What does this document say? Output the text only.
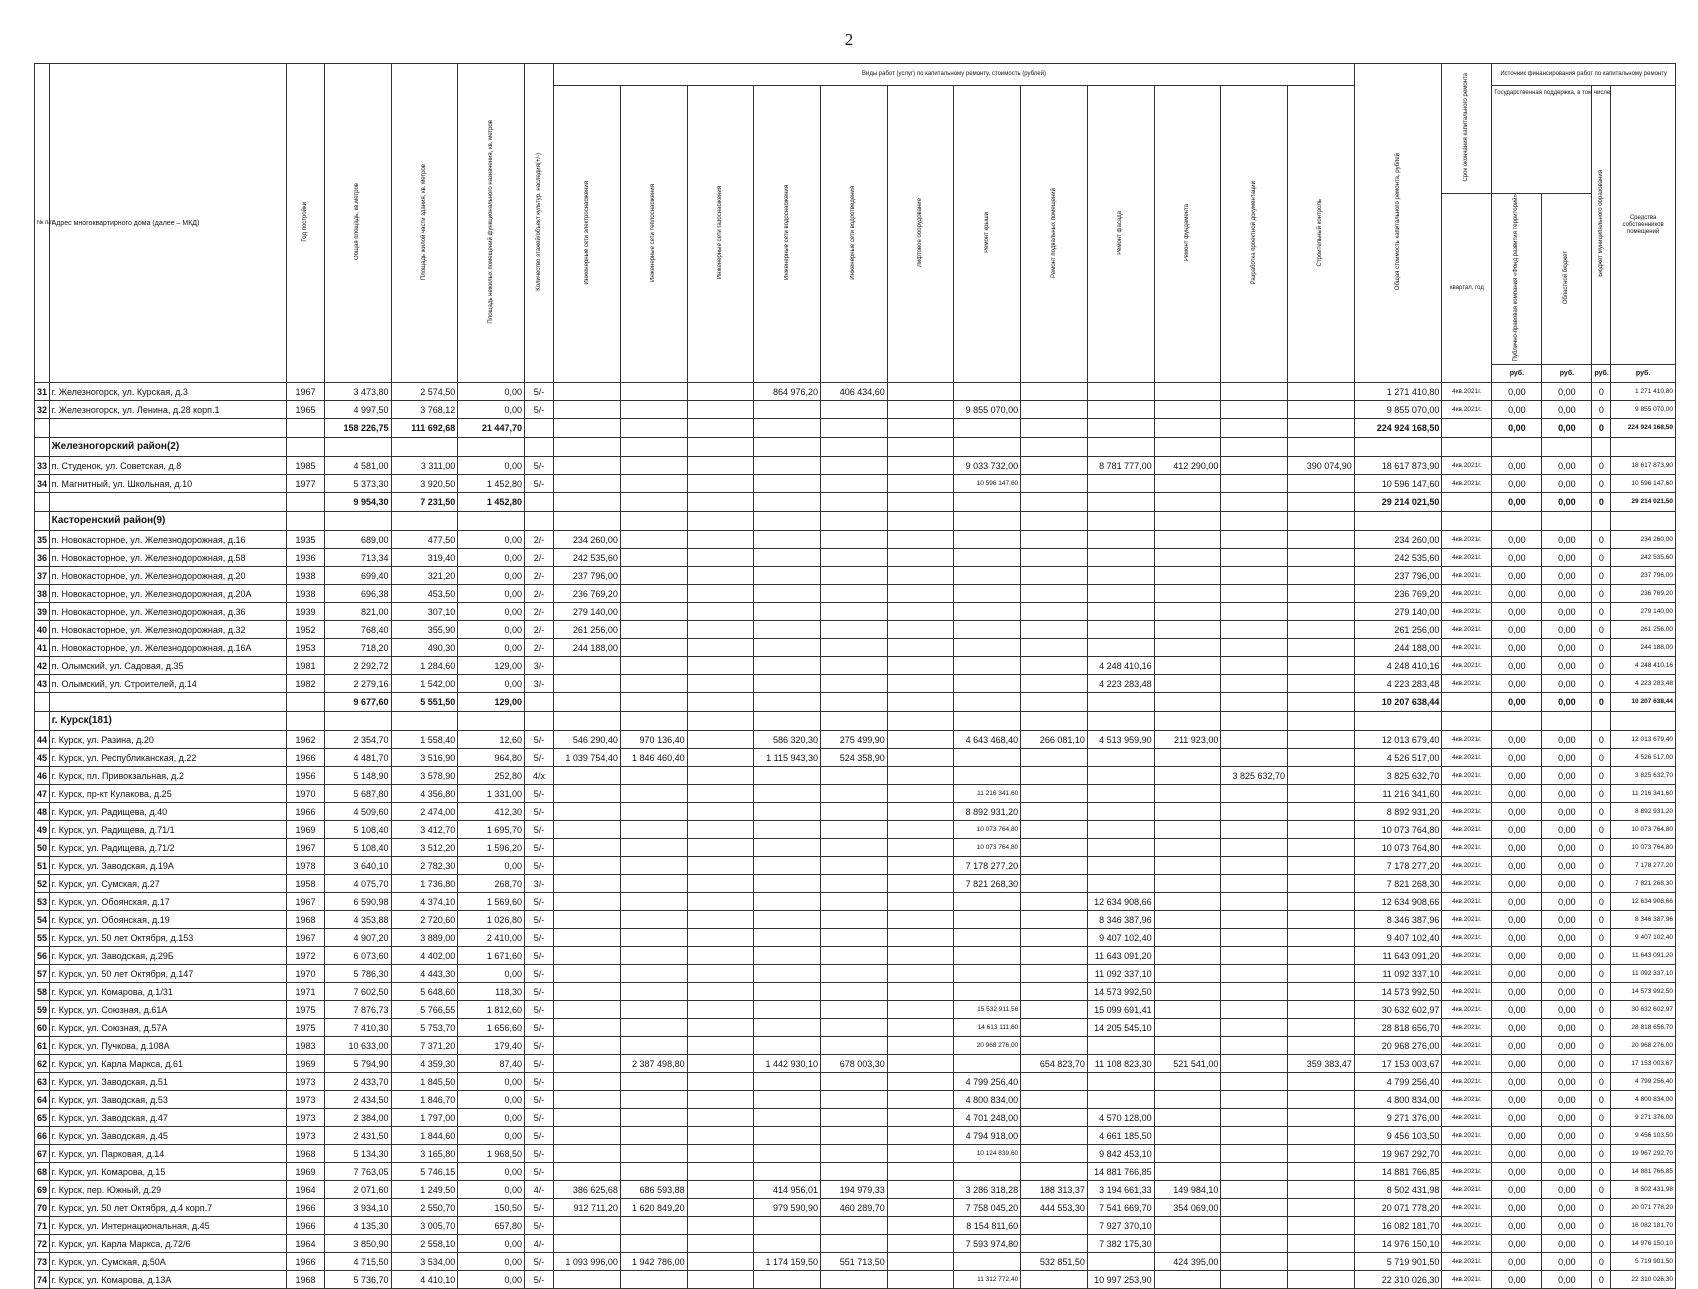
2
№ п/п	Адрес многоквартирного дома (далее – МКД)	Год постройки	Общая площадь, кв.метров	Площадь жилой части здания, кв. метров	Площадь нежилых помещений функционального назначения, кв. метров	Количество этажей/объект культур. наследия(+/-)	Виды работ (услуг) по капитальному ремонту, стоимость (рублей)												Общая стоимость капитального ремонта, рублей	Срок окончания капитального ремонта	Источник финансирования работ по капитальному ремонту			
							Инженерные сети электроснабжения	Инженерные сети теплоснабжения	Инженерные сети газоснабжения	Инженерные сети водоснабжения	Инженерные сети водоотведения	Лифтовое оборудование	Ремонт крыши	Ремонт подвальных помещений	Ремонт фасада	Ремонт фундамента	Разработка проектной документации	Строительный контроль			Государственная поддержка, в том числе		Бюджет муниципального образования	Средства собственников помещений
																				квартал, год	Публично-правовая компания «Фонд развития территорий»	Областной бюджет		
																					руб.	руб.	руб.	руб.
31	г. Железногорск, ул. Курская, д.3	1967	3 473,80	2 574,50	0,00	5/-				864 976,20	406 434,60								1 271 410,80	4кв.2021г.	0,00	0,00	0	1 271 410,80
32	г. Железногорск, ул. Ленина, д.28 корп.1	1965	4 997,50	3 768,12	0,00	5/-							9 855 070,00						9 855 070,00	4кв.2021г.	0,00	0,00	0	9 855 070,00
			158 226,75	111 692,68	21 447,70														224 924 168,50		0,00	0,00	0	224 924 168,50
	Железногорский район(2)																							
33	п. Студенок, ул. Советская, д.8	1985	4 581,00	3 311,00	0,00	5/-							9 033 732,00		8 781 777,00	412 290,00		390 074,90	18 617 873,90	4кв.2021г.	0,00	0,00	0	18 617 873,90
34	п. Магнитный, ул. Школьная, д.10	1977	5 373,30	3 920,50	1 452,80	5/-							10 596 147,60						10 596 147,60	4кв.2021г.	0,00	0,00	0	10 596 147,60
			9 954,30	7 231,50	1 452,80														29 214 021,50		0,00	0,00	0	29 214 021,50
	Касторенский район(9)																							
35	п. Новокасторное, ул. Железнодорожная, д.16	1935	689,00	477,50	0,00	2/-	234 260,00												234 260,00	4кв.2021г.	0,00	0,00	0	234 260,00
36	п. Новокасторное, ул. Железнодорожная, д.58	1936	713,34	319,40	0,00	2/-	242 535,60												242 535,60	4кв.2021г.	0,00	0,00	0	242 535,60
37	п. Новокасторное, ул. Железнодорожная, д.20	1938	699,40	321,20	0,00	2/-	237 796,00												237 796,00	4кв.2021г.	0,00	0,00	0	237 796,00
38	п. Новокасторное, ул. Железнодорожная, д.20А	1938	696,38	453,50	0,00	2/-	236 769,20												236 769,20	4кв.2021г.	0,00	0,00	0	236 769,20
39	п. Новокасторное, ул. Железнодорожная, д.36	1939	821,00	307,10	0,00	2/-	279 140,00												279 140,00	4кв.2021г.	0,00	0,00	0	279 140,00
40	п. Новокасторное, ул. Железнодорожная, д.32	1952	768,40	355,90	0,00	2/-	261 256,00												261 256,00	4кв.2021г.	0,00	0,00	0	261 256,00
41	п. Новокасторное, ул. Железнодорожная, д.16А	1953	718,20	490,30	0,00	2/-	244 188,00												244 188,00	4кв.2021г.	0,00	0,00	0	244 188,00
42	п. Олымский, ул. Садовая, д.35	1981	2 292,72	1 284,60	129,00	3/-									4 248 410,16				4 248 410,16	4кв.2021г.	0,00	0,00	0	4 248 410,16
43	п. Олымский, ул. Строителей, д.14	1982	2 279,16	1 542,00	0,00	3/-									4 223 283,48				4 223 283,48	4кв.2021г.	0,00	0,00	0	4 223 283,48
			9 677,60	5 551,50	129,00														10 207 638,44		0,00	0,00	0	10 207 638,44
	г. Курск(181)																							
44	г. Курск, ул. Разина, д.20	1962	2 354,70	1 558,40	12,60	5/-	546 290,40	970 136,40		586 320,30	275 499,90		4 643 468,40	266 081,10	4 513 959,90	211 923,00			12 013 679,40	4кв.2021г.	0,00	0,00	0	12 013 679,40
45	г. Курск, ул. Республиканская, д.22	1966	4 481,70	3 516,90	964,80	5/-	1 039 754,40	1 846 460,40		1 115 943,30	524 358,90								4 526 517,00	4кв.2021г.	0,00	0,00	0	4 526 517,00
46	г. Курск, пл. Привокзальная, д.2	1956	5 148,90	3 578,90	252,80	4/x											3 825 632,70		3 825 632,70	4кв.2021г.	0,00	0,00	0	3 825 632,70
47	г. Курск, пр-кт Кулакова, д.25	1970	5 687,80	4 356,80	1 331,00	5/-							11 216 341,60						11 216 341,60	4кв.2021г.	0,00	0,00	0	11 216 341,60
48	г. Курск, ул. Радищева, д.40	1966	4 509,60	2 474,00	412,30	5/-							8 892 931,20						8 892 931,20	4кв.2021г.	0,00	0,00	0	8 892 931,20
49	г. Курск, ул. Радищева, д.71/1	1969	5 108,40	3 412,70	1 695,70	5/-							10 073 764,80						10 073 764,80	4кв.2021г.	0,00	0,00	0	10 073 764,80
50	г. Курск, ул. Радищева, д.71/2	1967	5 108,40	3 512,20	1 596,20	5/-							10 073 764,80						10 073 764,80	4кв.2021г.	0,00	0,00	0	10 073 764,80
51	г. Курск, ул. Заводская, д.19А	1978	3 640,10	2 782,30	0,00	5/-							7 178 277,20						7 178 277,20	4кв.2021г.	0,00	0,00	0	7 178 277,20
52	г. Курск, ул. Сумская, д.27	1958	4 075,70	1 736,80	268,70	3/-							7 821 268,30						7 821 268,30	4кв.2021г.	0,00	0,00	0	7 821 268,30
53	г. Курск, ул. Обоянская, д.17	1967	6 590,98	4 374,10	1 569,60	5/-									12 634 908,66				12 634 908,66	4кв.2021г.	0,00	0,00	0	12 634 908,66
54	г. Курск, ул. Обоянская, д.19	1968	4 353,88	2 720,60	1 026,80	5/-									8 346 387,96				8 346 387,96	4кв.2021г.	0,00	0,00	0	8 346 387,96
55	г. Курск, ул. 50 лет Октября, д.153	1967	4 907,20	3 889,00	2 410,00	5/-									9 407 102,40				9 407 102,40	4кв.2021г.	0,00	0,00	0	9 407 102,40
56	г. Курск, ул. Заводская, д.29Б	1972	6 073,60	4 402,00	1 671,60	5/-									11 643 091,20				11 643 091,20	4кв.2021г.	0,00	0,00	0	11 643 091,20
57	г. Курск, ул. 50 лет Октября, д.147	1970	5 786,30	4 443,30	0,00	5/-									11 092 337,10				11 092 337,10	4кв.2021г.	0,00	0,00	0	11 092 337,10
58	г. Курск, ул. Комарова, д.1/31	1971	7 602,50	5 648,60	118,30	5/-									14 573 992,50				14 573 992,50	4кв.2021г.	0,00	0,00	0	14 573 992,50
59	г. Курск, ул. Союзная, д.61А	1975	7 876,73	5 766,55	1 812,60	5/-							15 532 911,56		15 099 691,41				30 632 602,97	4кв.2021г.	0,00	0,00	0	30 632 602,97
60	г. Курск, ул. Союзная, д.57А	1975	7 410,30	5 753,70	1 656,60	5/-							14 613 111,60		14 205 545,10				28 818 656,70	4кв.2021г.	0,00	0,00	0	28 818 656,70
61	г. Курск, ул. Пучкова, д.108А	1983	10 633,00	7 371,20	179,40	5/-							20 968 276,00						20 968 276,00	4кв.2021г.	0,00	0,00	0	20 968 276,00
62	г. Курск, ул. Карла Маркса, д.61	1969	5 794,90	4 359,30	87,40	5/-		2 387 498,80		1 442 930,10	678 003,30			654 823,70	11 108 823,30	521 541,00		359 383,47	17 153 003,67	4кв.2021г.	0,00	0,00	0	17 153 003,67
63	г. Курск, ул. Заводская, д.51	1973	2 433,70	1 845,50	0,00	5/-							4 799 256,40						4 799 256,40	4кв.2021г.	0,00	0,00	0	4 799 256,40
64	г. Курск, ул. Заводская, д.53	1973	2 434,50	1 846,70	0,00	5/-							4 800 834,00						4 800 834,00	4кв.2021г.	0,00	0,00	0	4 800 834,00
65	г. Курск, ул. Заводская, д.47	1973	2 384,00	1 797,00	0,00	5/-							4 701 248,00		4 570 128,00				9 271 376,00	4кв.2021г.	0,00	0,00	0	9 271 376,00
66	г. Курск, ул. Заводская, д.45	1973	2 431,50	1 844,60	0,00	5/-							4 794 918,00		4 661 185,50				9 456 103,50	4кв.2021г.	0,00	0,00	0	9 456 103,50
67	г. Курск, ул. Парковая, д.14	1968	5 134,30	3 165,80	1 968,50	5/-							10 124 839,60		9 842 453,10				19 967 292,70	4кв.2021г.	0,00	0,00	0	19 967 292,70
68	г. Курск, ул. Комарова, д.15	1969	7 763,05	5 746,15	0,00	5/-									14 881 766,85				14 881 766,85	4кв.2021г.	0,00	0,00	0	14 881 766,85
69	г. Курск, пер. Южный, д.29	1964	2 071,60	1 249,50	0,00	4/-	386 625,68	686 593,88		414 956,01	194 979,33		3 286 318,28	188 313,37	3 194 661,33	149 984,10			8 502 431,98	4кв.2021г.	0,00	0,00	0	8 502 431,98
70	г. Курск, ул. 50 лет Октября, д.4 корп.7	1966	3 934,10	2 550,70	150,50	5/-	912 711,20	1 620 849,20		979 590,90	460 289,70		7 758 045,20	444 553,30	7 541 669,70	354 069,00			20 071 778,20	4кв.2021г.	0,00	0,00	0	20 071 778,20
71	г. Курск, ул. Интернациональная, д.45	1966	4 135,30	3 005,70	657,80	5/-							8 154 811,60		7 927 370,10				16 082 181,70	4кв.2021г.	0,00	0,00	0	16 082 181,70
72	г. Курск, ул. Карла Маркса, д.72/6	1964	3 850,90	2 558,10	0,00	4/-							7 593 974,80		7 382 175,30				14 976 150,10	4кв.2021г.	0,00	0,00	0	14 976 150,10
73	г. Курск, ул. Сумская, д.50А	1966	4 715,50	3 534,00	0,00	5/-	1 093 996,00	1 942 786,00		1 174 159,50	551 713,50			532 851,50		424 395,00			5 719 901,50	4кв.2021г.	0,00	0,00	0	5 719 901,50
74	г. Курск, ул. Комарова, д.13А	1968	5 736,70	4 410,10	0,00	5/-							11 312 772,40		10 997 253,90				22 310 026,30	4кв.2021г.	0,00	0,00	0	22 310 026,30
